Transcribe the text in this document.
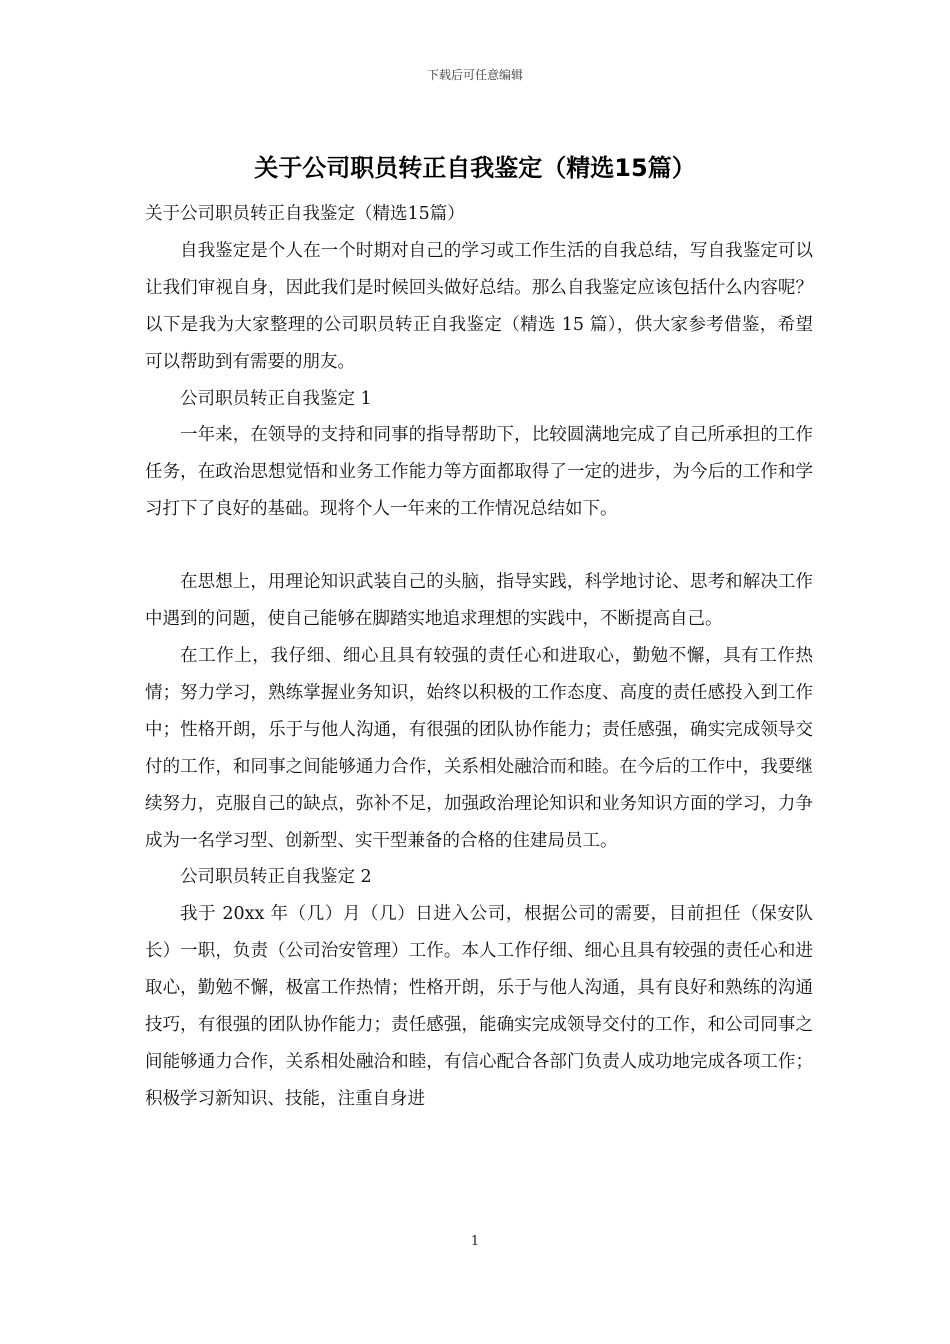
下载后可任意编辑
关于公司职员转正自我鉴定（精选15篇）

关于公司职员转正自我鉴定（精选15篇）

自我鉴定是个人在一个时期对自己的学习或工作生活的自我总结，写自我鉴定可以让我们审视自身，因此我们是时候回头做好总结。那么自我鉴定应该包括什么内容呢？以下是我为大家整理的公司职员转正自我鉴定（精选 15 篇），供大家参考借鉴，希望可以帮助到有需要的朋友。

公司职员转正自我鉴定 1

一年来，在领导的支持和同事的指导帮助下，比较圆满地完成了自己所承担的工作任务，在政治思想觉悟和业务工作能力等方面都取得了一定的进步，为今后的工作和学习打下了良好的基础。现将个人一年来的工作情况总结如下。

在思想上，用理论知识武装自己的头脑，指导实践，科学地讨论、思考和解决工作中遇到的问题，使自己能够在脚踏实地追求理想的实践中，不断提高自己。

在工作上，我仔细、细心且具有较强的责任心和进取心，勤勉不懈，具有工作热情；努力学习，熟练掌握业务知识，始终以积极的工作态度、高度的责任感投入到工作中；性格开朗，乐于与他人沟通，有很强的团队协作能力；责任感强，确实完成领导交付的工作，和同事之间能够通力合作，关系相处融洽而和睦。在今后的工作中，我要继续努力，克服自己的缺点，弥补不足，加强政治理论知识和业务知识方面的学习，力争成为一名学习型、创新型、实干型兼备的合格的住建局员工。

公司职员转正自我鉴定 2

我于 20xx 年（几）月（几）日进入公司，根据公司的需要，目前担任（保安队长）一职，负责（公司治安管理）工作。本人工作仔细、细心且具有较强的责任心和进取心，勤勉不懈，极富工作热情；性格开朗，乐于与他人沟通，具有良好和熟练的沟通技巧，有很强的团队协作能力；责任感强，能确实完成领导交付的工作，和公司同事之间能够通力合作，关系相处融洽和睦，有信心配合各部门负责人成功地完成各项工作；积极学习新知识、技能，注重自身进

1
